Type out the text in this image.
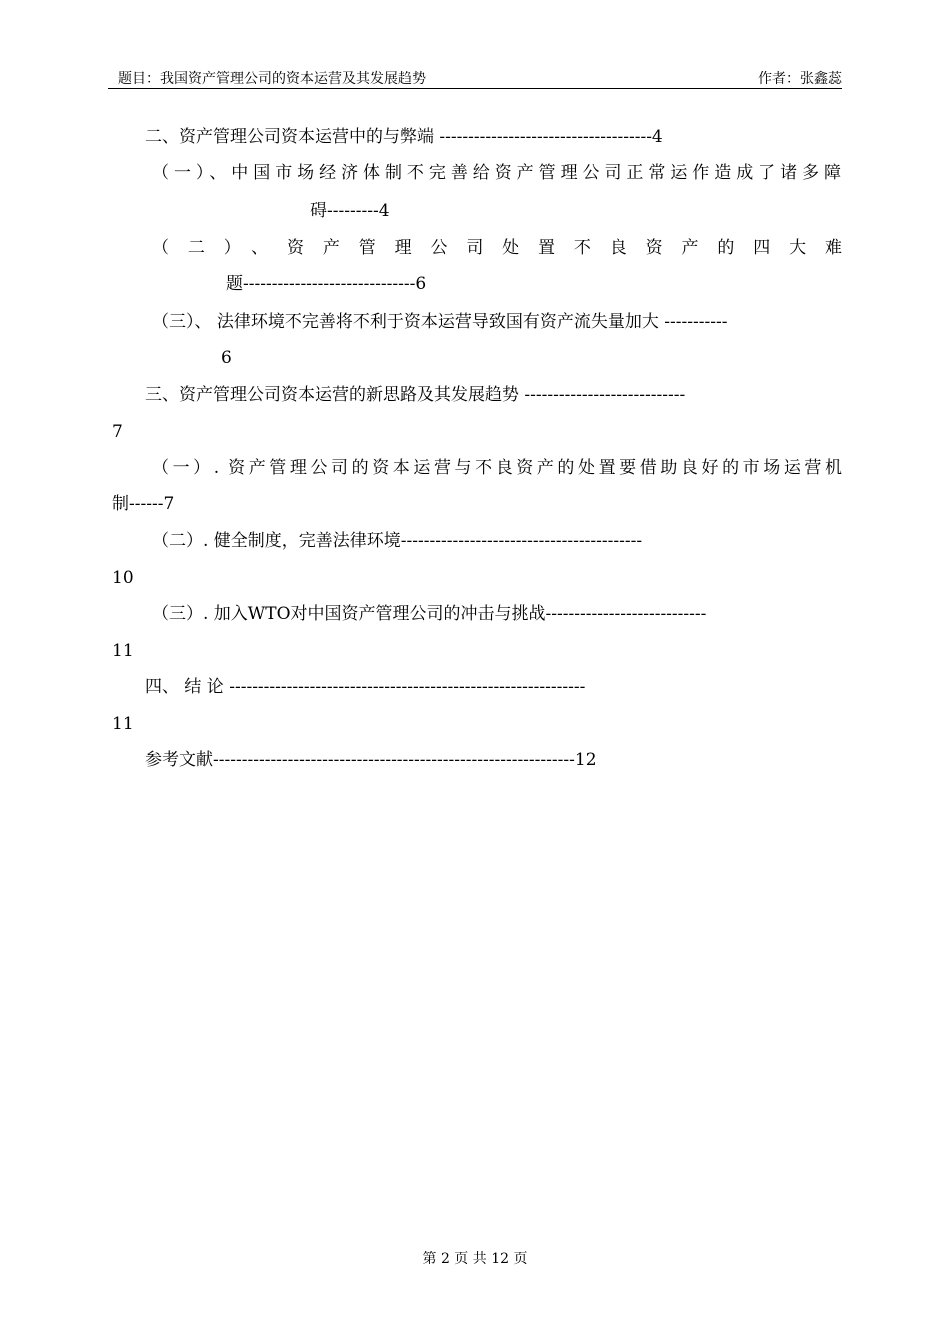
题目：我国资产管理公司的资本运营及其发展趋势	作者：张鑫蕊
二、资产管理公司资本运营中的与弊端 -------------------------------------4
（一）、中国市场经济体制不完善给资产管理公司正常运作造成了诸多障
碍---------4
（二）、资产管理公司处置不良资产的四大难
题------------------------------6
（三）、 法律环境不完善将不利于资本运营导致国有资产流失量加大 -----------
6
三、资产管理公司资本运营的新思路及其发展趋势 ----------------------------
7
（一）. 资产管理公司的资本运营与不良资产的处置要借助良好的市场运营机
制------7
（二）. 健全制度，完善法律环境------------------------------------------
10
（三）. 加入WTO对中国资产管理公司的冲击与挑战----------------------------
11
四、 结 论 --------------------------------------------------------------
11
参考文献---------------------------------------------------------------12
第 2 页 共 12 页
